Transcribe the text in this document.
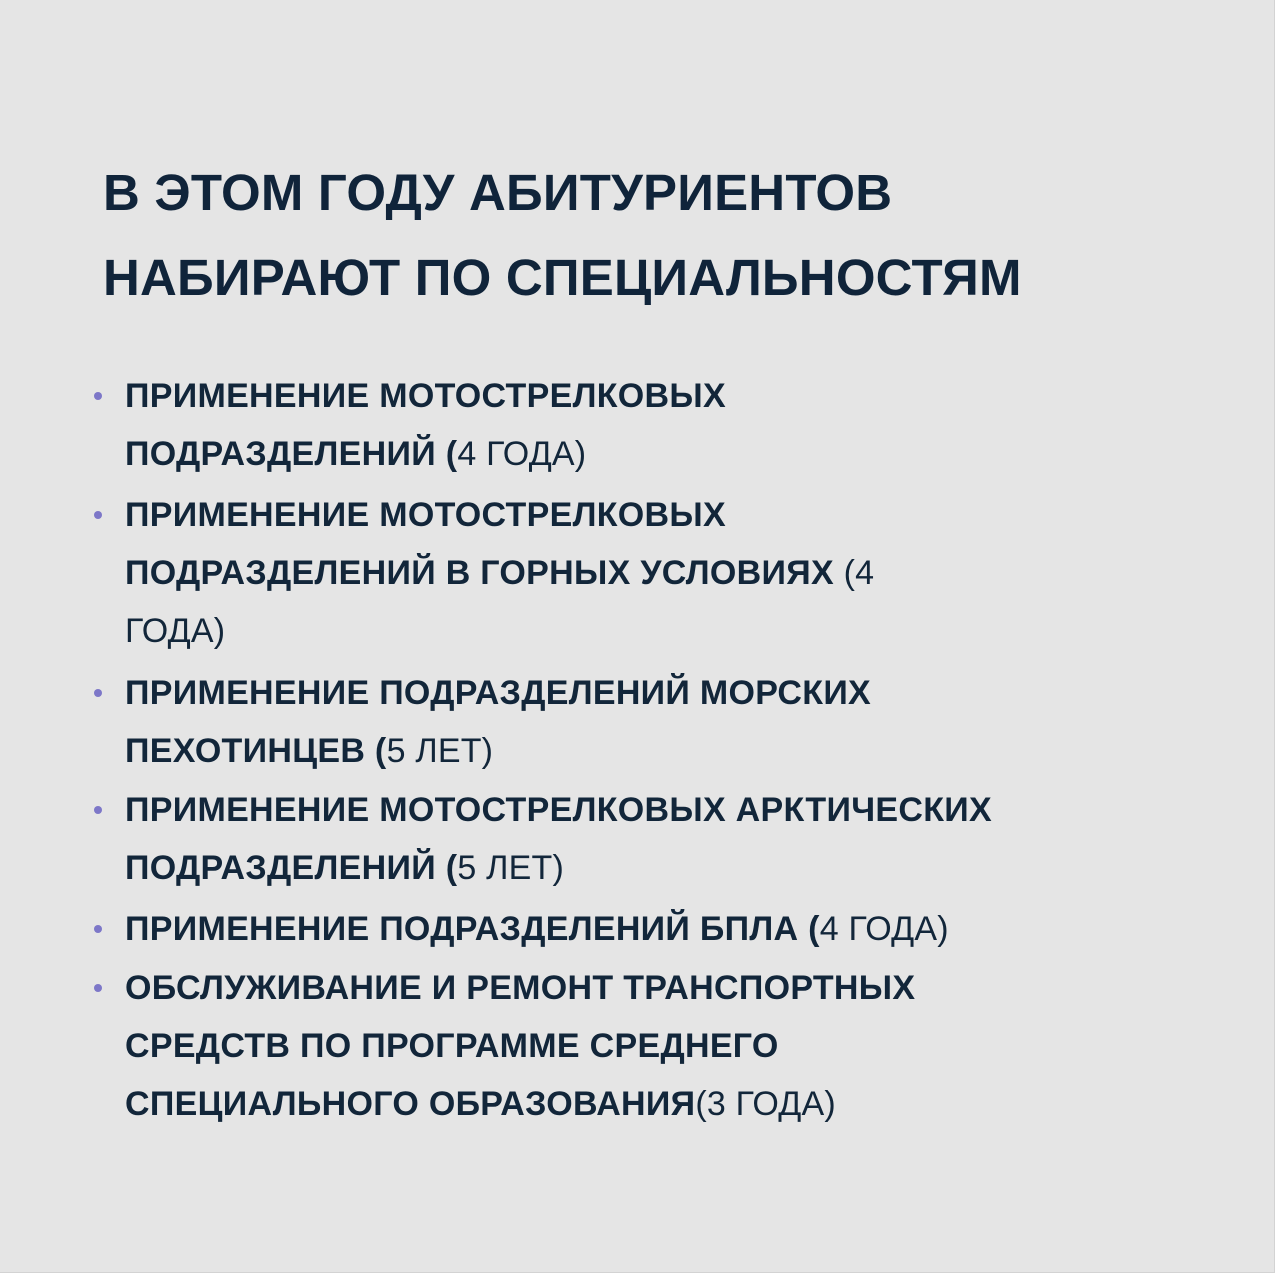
В ЭТОМ ГОДУ АБИТУРИЕНТОВ
НАБИРАЮТ ПО СПЕЦИАЛЬНОСТЯМ
ПРИМЕНЕНИЕ МОТОСТРЕЛКОВЫХ
ПОДРАЗДЕЛЕНИЙ (4 ГОДА)
ПРИМЕНЕНИЕ МОТОСТРЕЛКОВЫХ
ПОДРАЗДЕЛЕНИЙ В ГОРНЫХ УСЛОВИЯХ (4
ГОДА)
ПРИМЕНЕНИЕ ПОДРАЗДЕЛЕНИЙ МОРСКИХ
ПЕХОТИНЦЕВ (5 ЛЕТ)
ПРИМЕНЕНИЕ МОТОСТРЕЛКОВЫХ АРКТИЧЕСКИХ
ПОДРАЗДЕЛЕНИЙ (5 ЛЕТ)
ПРИМЕНЕНИЕ ПОДРАЗДЕЛЕНИЙ БПЛА (4 ГОДА)
ОБСЛУЖИВАНИЕ И РЕМОНТ ТРАНСПОРТНЫХ
СРЕДСТВ ПО ПРОГРАММЕ СРЕДНЕГО
СПЕЦИАЛЬНОГО ОБРАЗОВАНИЯ(3 ГОДА)
